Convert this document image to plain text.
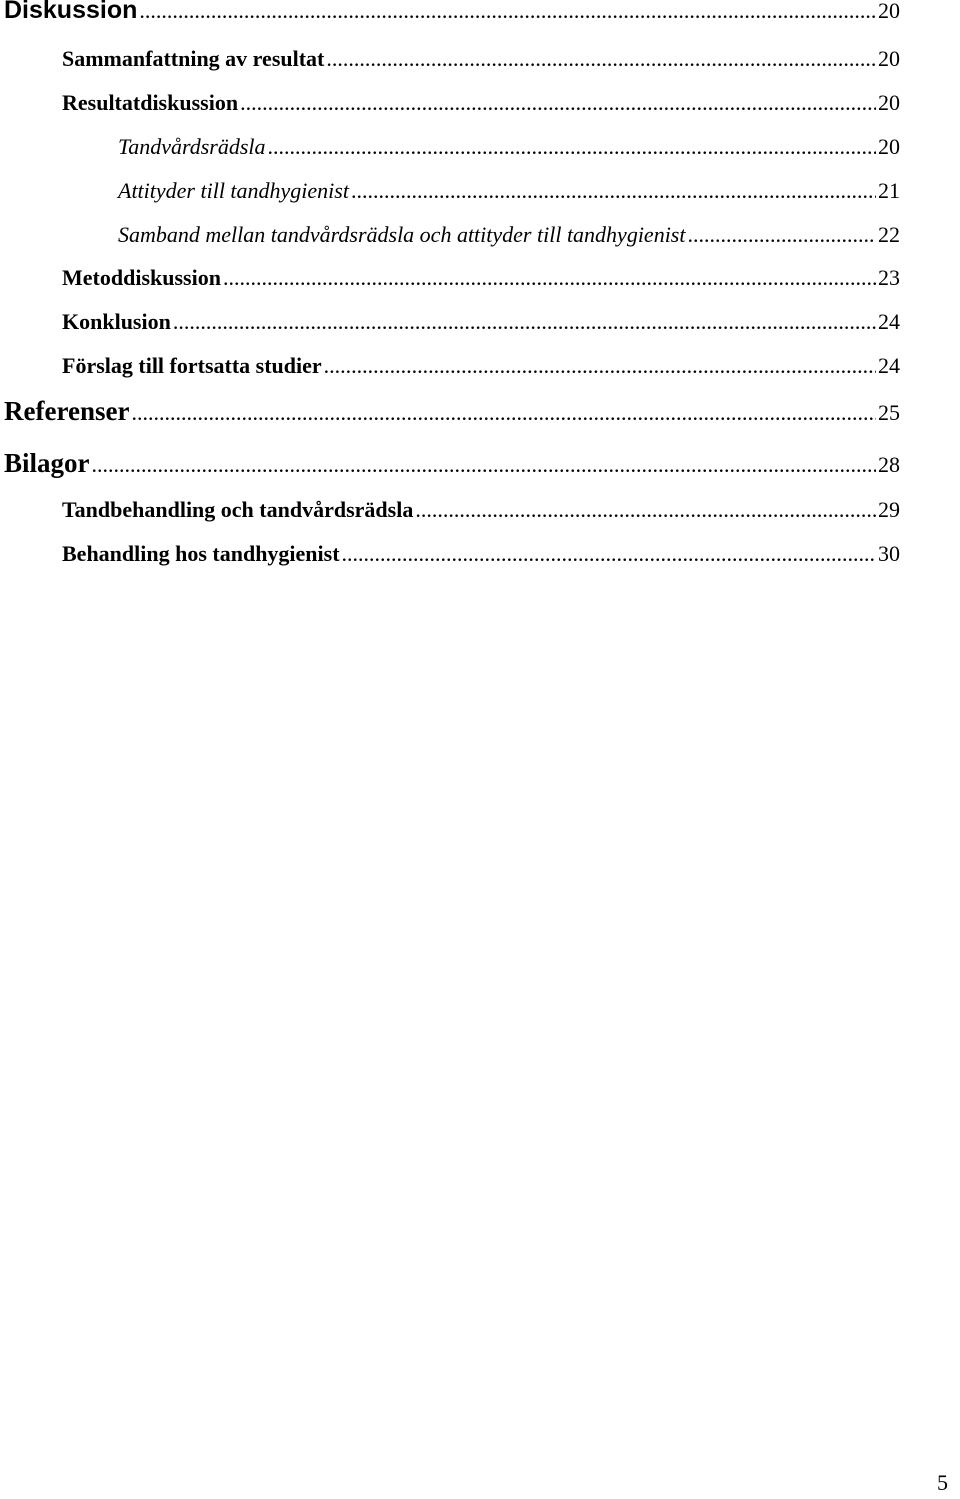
Diskussion .....	20
Sammanfattning av resultat .....	20
Resultatdiskussion .....	20
Tandvårdsrädsla .....	20
Attityder till tandhygienist .....	21
Samband mellan tandvårdsrädsla och attityder till tandhygienist .....	22
Metoddiskussion .....	23
Konklusion .....	24
Förslag till fortsatta studier .....	24
Referenser .....	25
Bilagor .....	28
Tandbehandling och tandvårdsrädsla .....	29
Behandling hos tandhygienist .....	30
5
